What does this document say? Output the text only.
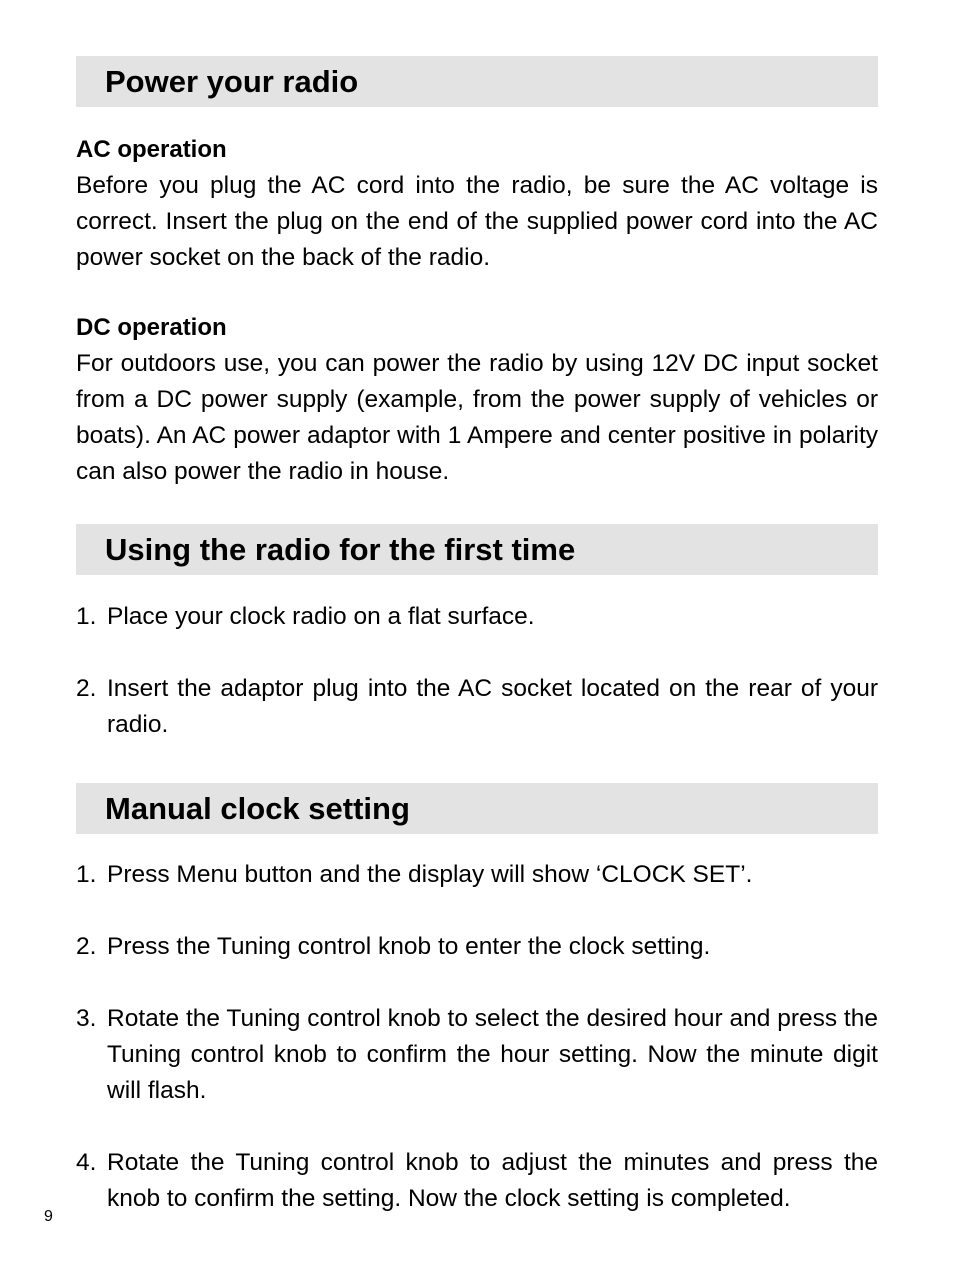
Power your radio

AC operation

Before you plug the AC cord into the radio, be sure the AC voltage is correct. Insert the plug on the end of the supplied power cord into the AC power socket on the back of the radio.

DC operation

For outdoors use, you can power the radio by using 12V DC input socket from a DC power supply (example, from the power supply of vehicles or boats). An AC power adaptor with 1 Ampere and center positive in polarity can also power the radio in house.

Using the radio for the first time
1. Place your clock radio on a flat surface.
2. Insert the adaptor plug into the AC socket located on the rear of your radio.
Manual clock setting
1. Press Menu button and the display will show ‘CLOCK SET’.
2. Press the Tuning control knob to enter the clock setting.
3. Rotate the Tuning control knob to select the desired hour and press the Tuning control knob to confirm the hour setting. Now the minute digit will flash.
4. Rotate the Tuning control knob to adjust the minutes and press the knob to confirm the setting. Now the clock setting is completed.
9
